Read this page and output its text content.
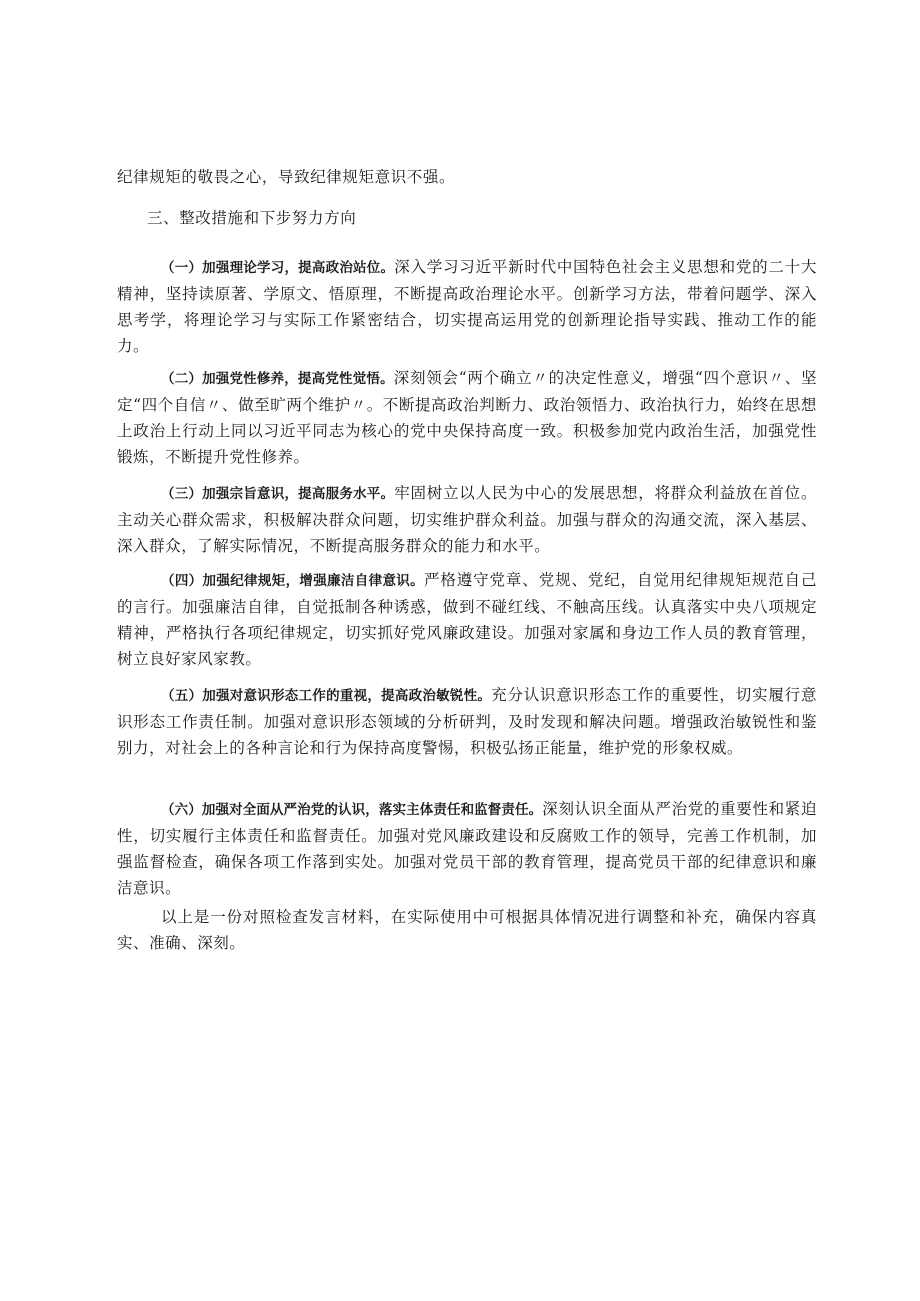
纪律规矩的敬畏之心，导致纪律规矩意识不强。
三、整改措施和下步努力方向
（一）加强理论学习，提高政治站位。深入学习习近平新时代中国特色社会主义思想和党的二十大精神，坚持读原著、学原文、悟原理，不断提高政治理论水平。创新学习方法，带着问题学、深入思考学，将理论学习与实际工作紧密结合，切实提高运用党的创新理论指导实践、推动工作的能力。
（二）加强党性修养，提高党性觉悟。深刻领会“两个确立〃的决定性意义，增强“四个意识〃、坚定“四个自信〃、做至旷两个维护〃。不断提高政治判断力、政治领悟力、政治执行力，始终在思想上政治上行动上同以习近平同志为核心的党中央保持高度一致。积极参加党内政治生活，加强党性锻炼，不断提升党性修养。
（三）加强宗旨意识，提高服务水平。牢固树立以人民为中心的发展思想，将群众利益放在首位。主动关心群众需求，积极解决群众问题，切实维护群众利益。加强与群众的沟通交流，深入基层、深入群众，了解实际情况，不断提高服务群众的能力和水平。
（四）加强纪律规矩，增强廉洁自律意识。严格遵守党章、党规、党纪，自觉用纪律规矩规范自己的言行。加强廉洁自律，自觉抵制各种诱惑，做到不碰红线、不触高压线。认真落实中央八项规定精神，严格执行各项纪律规定，切实抓好党风廉政建设。加强对家属和身边工作人员的教育管理，树立良好家风家教。
（五）加强对意识形态工作的重视，提高政治敏锐性。充分认识意识形态工作的重要性，切实履行意识形态工作责任制。加强对意识形态领域的分析研判，及时发现和解决问题。增强政治敏锐性和鉴别力，对社会上的各种言论和行为保持高度警惕，积极弘扬正能量，维护党的形象权威。
（六）加强对全面从严治党的认识，落实主体责任和监督责任。深刻认识全面从严治党的重要性和紧迫性，切实履行主体责任和监督责任。加强对党风廉政建设和反腐败工作的领导，完善工作机制，加强监督检查，确保各项工作落到实处。加强对党员干部的教育管理，提高党员干部的纪律意识和廉洁意识。
以上是一份对照检查发言材料，在实际使用中可根据具体情况进行调整和补充，确保内容真实、准确、深刻。
